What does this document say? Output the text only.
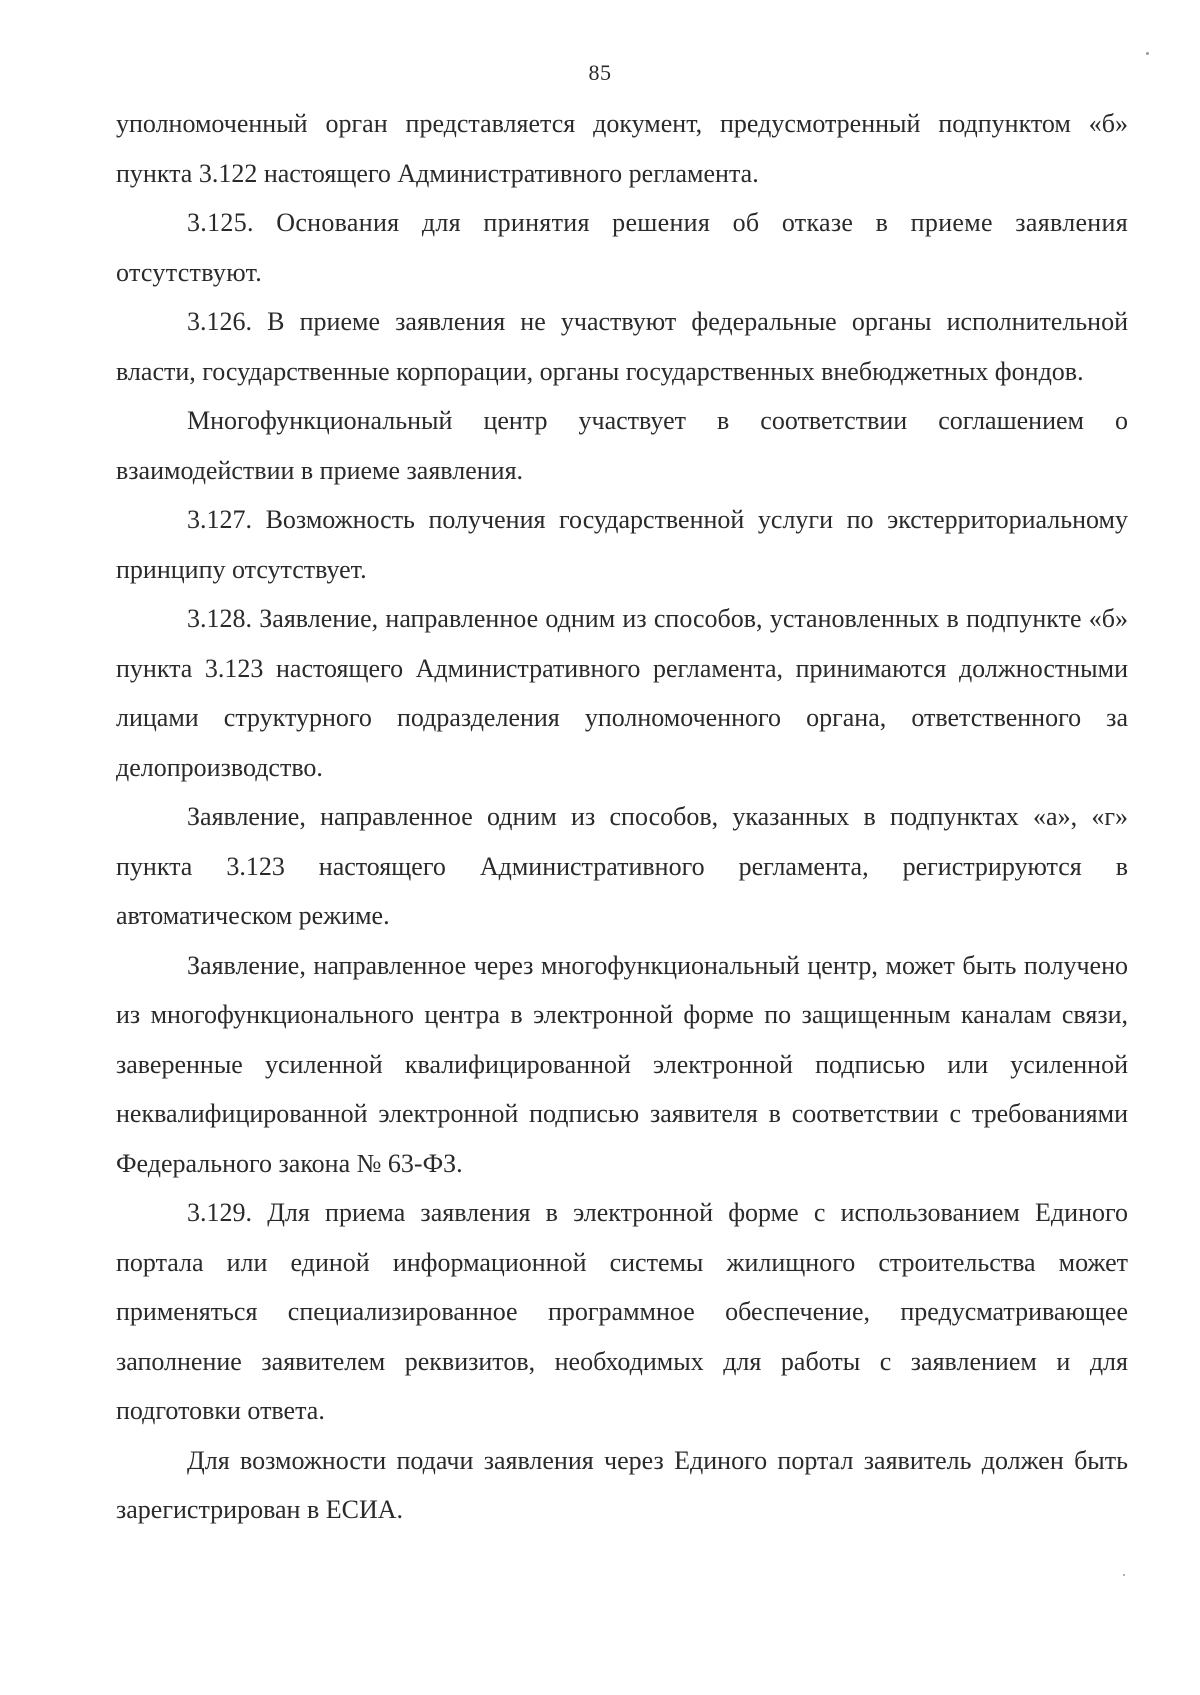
85

уполномоченный орган представляется документ, предусмотренный подпунктом «б» пункта 3.122 настоящего Административного регламента.

3.125. Основания для принятия решения об отказе в приеме заявления отсутствуют.

3.126. В приеме заявления не участвуют федеральные органы исполнительной власти, государственные корпорации, органы государственных внебюджетных фондов.

Многофункциональный центр участвует в соответствии соглашением о взаимодействии в приеме заявления.

3.127. Возможность получения государственной услуги по экстерриториальному принципу отсутствует.

3.128. Заявление, направленное одним из способов, установленных в подпункте «б» пункта 3.123 настоящего Административного регламента, принимаются должностными лицами структурного подразделения уполномоченного органа, ответственного за делопроизводство.

Заявление, направленное одним из способов, указанных в подпунктах «а», «г» пункта 3.123 настоящего Административного регламента, регистрируются в автоматическом режиме.

Заявление, направленное через многофункциональный центр, может быть получено из многофункционального центра в электронной форме по защищенным каналам связи, заверенные усиленной квалифицированной электронной подписью или усиленной неквалифицированной электронной подписью заявителя в соответствии с требованиями Федерального закона № 63-ФЗ.

3.129. Для приема заявления в электронной форме с использованием Единого портала или единой информационной системы жилищного строительства может применяться специализированное программное обеспечение, предусматривающее заполнение заявителем реквизитов, необходимых для работы с заявлением и для подготовки ответа.

Для возможности подачи заявления через Единого портал заявитель должен быть зарегистрирован в ЕСИА.
